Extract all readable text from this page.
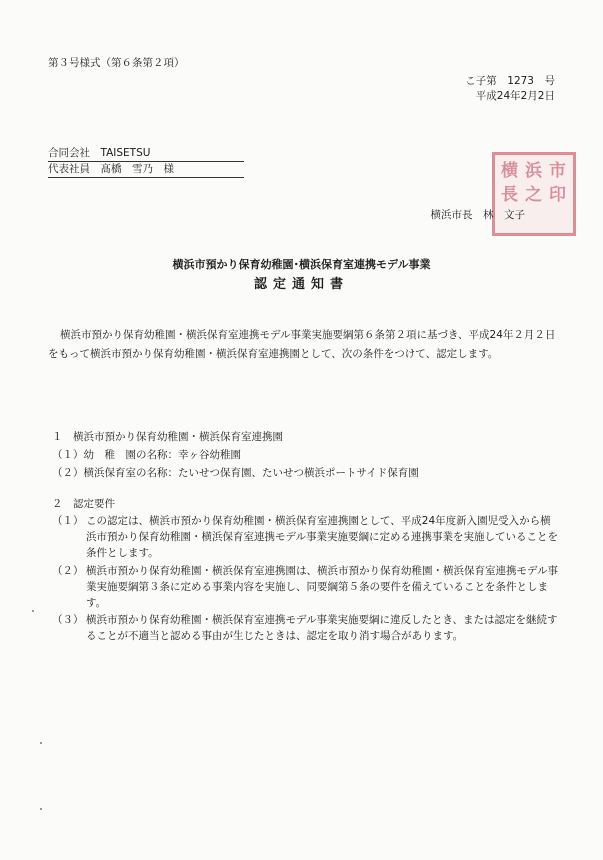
第３号様式（第６条第２項）
こ子第　1273　号
平成24年2月2日
合同会社　TAISETSU
代表社員　髙橋　雪乃　様	横 浜 市
長 之 印
横浜市長　林　文子
横浜市預かり保育幼稚園･横浜保育室連携モデル事業
認定通知書
横浜市預かり保育幼稚園・横浜保育室連携モデル事業実施要綱第６条第２項に基づき、平成24年２月２日をもって横浜市預かり保育幼稚園・横浜保育室連携園として、次の条件をつけて、認定します。
１　横浜市預かり保育幼稚園・横浜保育室連携園
（１）幼　稚　園の名称：幸ヶ谷幼稚園
（２）横浜保育室の名称：たいせつ保育園、たいせつ横浜ポートサイド保育園
２　認定要件
（１） この認定は、横浜市預かり保育幼稚園・横浜保育室連携園として、平成24年度新入園児受入から横浜市預かり保育幼稚園・横浜保育室連携モデル事業実施要綱に定める連携事業を実施していることを条件とします。
（２） 横浜市預かり保育幼稚園・横浜保育室連携園は、横浜市預かり保育幼稚園・横浜保育室連携モデル事業実施要綱第３条に定める事業内容を実施し、同要綱第５条の要件を備えていることを条件とします。
（３） 横浜市預かり保育幼稚園・横浜保育室連携モデル事業実施要綱に違反したとき、または認定を継続することが不適当と認める事由が生じたときは、認定を取り消す場合があります。
